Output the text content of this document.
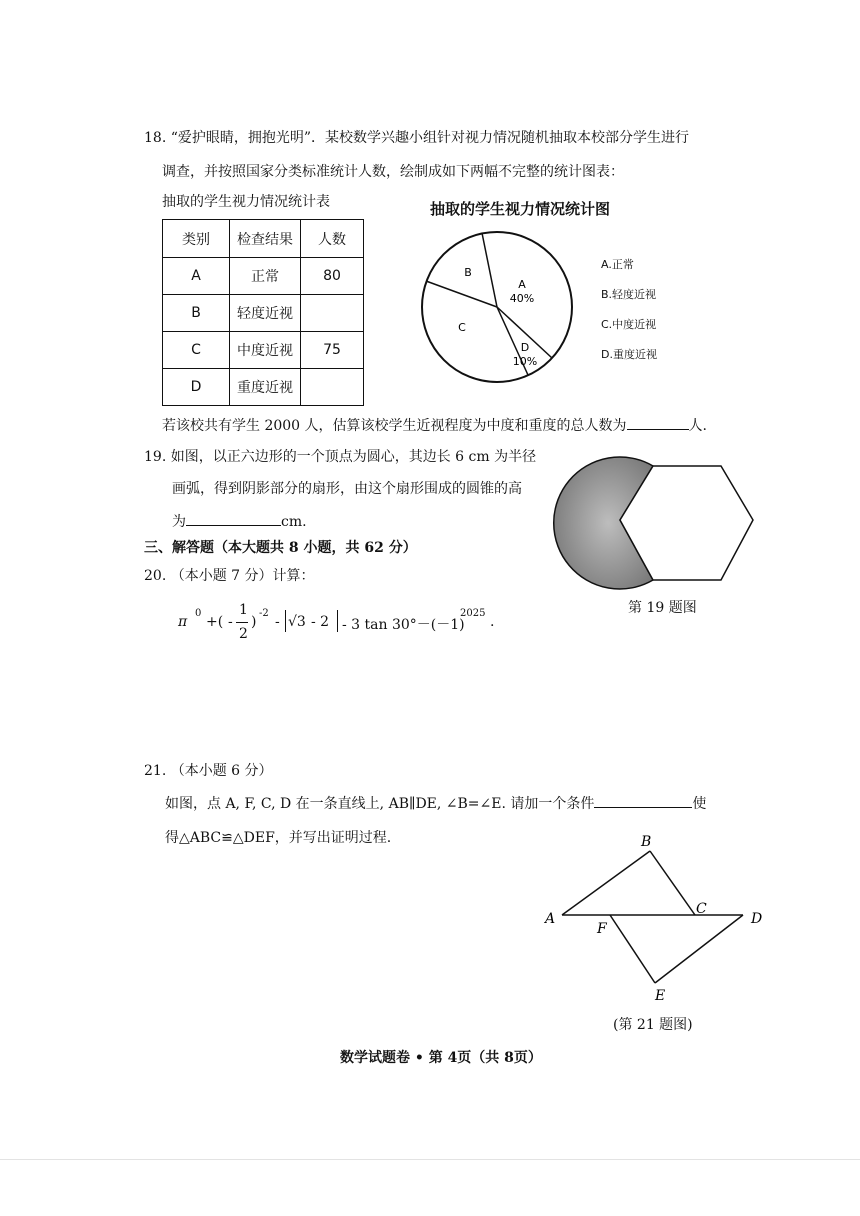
18. “爱护眼睛，拥抱光明”．某校数学兴趣小组针对视力情况随机抽取本校部分学生进行
调查，并按照国家分类标准统计人数，绘制成如下两幅不完整的统计图表：
抽取的学生视力情况统计表
类别	检查结果	人数
A	正常	80
B	轻度近视	
C	中度近视	75
D	重度近视	
抽取的学生视力情况统计图
A
40%
B
C
D
10%
A.正常
B.轻度近视
C.中度近视
D.重度近视
若该校共有学生 2000 人，估算该校学生近视程度为中度和重度的总人数为	人.
19. 如图，以正六边形的一个顶点为圆心，其边长 6 cm 为半径
画弧，得到阴影部分的扇形，由这个扇形围成的圆锥的高
为	cm.
第 19 题图
三、解答题（本大题共 8 小题，共 62 分）
20. （本小题 7 分）计算：
π
0
+( -
1
2
)
-2
- √3 - 2 - 3 tan 30°－(－1)
2025
.
21. （本小题 6 分）
如图，点 A, F, C, D 在一条直线上, AB∥DE, ∠B=∠E. 请加一个条件	使
得△ABC≌△DEF，并写出证明过程.
A
B
C
D
E
F
(第 21 题图)
数学试题卷 • 第 4页（共 8页）
